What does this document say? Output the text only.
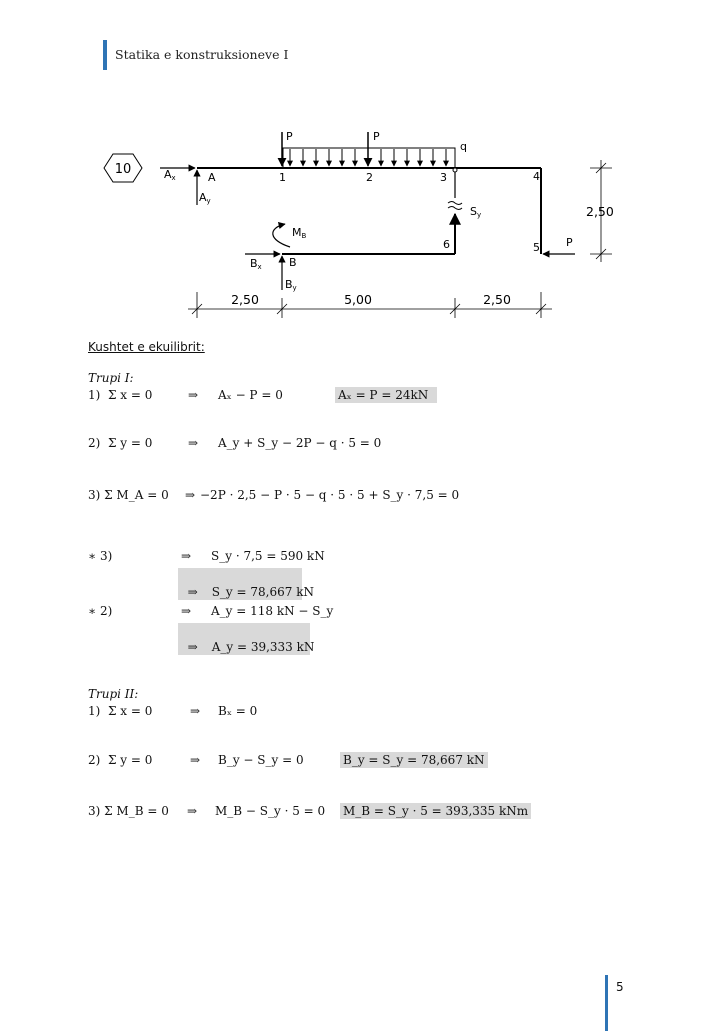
Statika e konstruksioneve I
10
q
P	P
Ax
Ay
A	1	2	3	4
5
6
Sy
P
Bx B
By
MB
2,50	5,00	2,50
2,50
Kushtet e ekuilibrit:
Trupi I:
1)  Σ x = 0	⇒ Aₓ − P = 0	Aₓ = P = 24kN
2)  Σ y = 0	⇒ A_y + S_y − 2P − q · 5 = 0
3) Σ M_A = 0 ⇒ −2P · 2,5 − P · 5 − q · 5 · 5 + S_y · 7,5 = 0
∗ 3)	⇒ S_y · 7,5 = 590 kN

⇒ S_y = 78,667 kN

∗ 2)	⇒ A_y = 118 kN − S_y

⇒ A_y = 39,333 kN

Trupi II:
1)  Σ x = 0	⇒ Bₓ = 0
2)  Σ y = 0	⇒ B_y − S_y = 0	B_y = S_y = 78,667 kN
3) Σ M_B = 0 ⇒ M_B − S_y · 5 = 0 M_B = S_y · 5 = 393,335 kNm
5
